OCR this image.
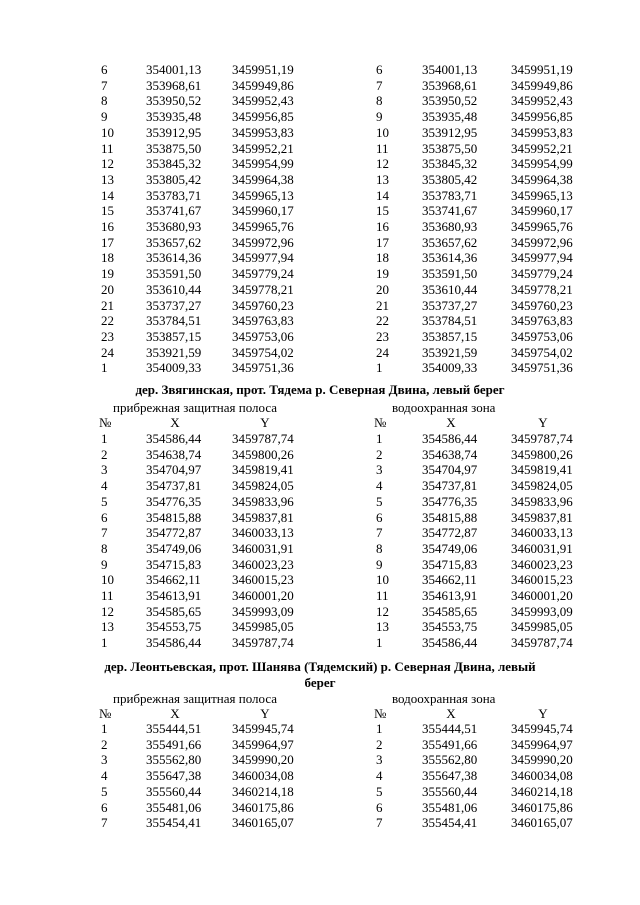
дер. Звягинская, прот. Тядема р. Северная Двина, левый берег
прибрежная защитная полоса	водоохранная зона
№	X	Y	№	X	Y
дер. Леонтьевская, прот. Шанява (Тядемский) р. Северная Двина, левый
берег
прибрежная защитная полоса	водоохранная зона
№	X	Y	№	X	Y
6	354001,13 3459951,19
7	353968,61 3459949,86
8	353950,52 3459952,43
9	353935,48 3459956,85
10 353912,95 3459953,83
11 353875,50 3459952,21
12 353845,32 3459954,99
13 353805,42 3459964,38
14 353783,71 3459965,13
15 353741,67 3459960,17
16 353680,93 3459965,76
17 353657,62 3459972,96
18 353614,36 3459977,94
19 353591,50 3459779,24
20 353610,44 3459778,21
21 353737,27 3459760,23
22 353784,51 3459763,83
23 353857,15 3459753,06
24 353921,59 3459754,02
1	354009,33 3459751,36
6	354001,13	3459951,19
7	353968,61	3459949,86
8	353950,52	3459952,43
9	353935,48	3459956,85
10	353912,95	3459953,83
11	353875,50	3459952,21
12	353845,32	3459954,99
13	353805,42	3459964,38
14	353783,71	3459965,13
15	353741,67	3459960,17
16	353680,93	3459965,76
17	353657,62	3459972,96
18	353614,36	3459977,94
19	353591,50	3459779,24
20	353610,44	3459778,21
21	353737,27	3459760,23
22	353784,51	3459763,83
23	353857,15	3459753,06
24	353921,59	3459754,02
1	354009,33	3459751,36
1	354586,44 3459787,74
2	354638,74 3459800,26
3	354704,97 3459819,41
4	354737,81 3459824,05
5	354776,35 3459833,96
6	354815,88 3459837,81
7	354772,87 3460033,13
8	354749,06 3460031,91
9	354715,83 3460023,23
10 354662,11 3460015,23
11 354613,91 3460001,20
12 354585,65 3459993,09
13 354553,75 3459985,05
1	354586,44 3459787,74
1	354586,44	3459787,74
2	354638,74	3459800,26
3	354704,97	3459819,41
4	354737,81	3459824,05
5	354776,35	3459833,96
6	354815,88	3459837,81
7	354772,87	3460033,13
8	354749,06	3460031,91
9	354715,83	3460023,23
10	354662,11	3460015,23
11	354613,91	3460001,20
12	354585,65	3459993,09
13	354553,75	3459985,05
1	354586,44	3459787,74
1	355444,51 3459945,74
2	355491,66 3459964,97
3	355562,80 3459990,20
4	355647,38 3460034,08
5	355560,44 3460214,18
6	355481,06 3460175,86
7	355454,41 3460165,07
1	355444,51	3459945,74
2	355491,66	3459964,97
3	355562,80	3459990,20
4	355647,38	3460034,08
5	355560,44	3460214,18
6	355481,06	3460175,86
7	355454,41	3460165,07
